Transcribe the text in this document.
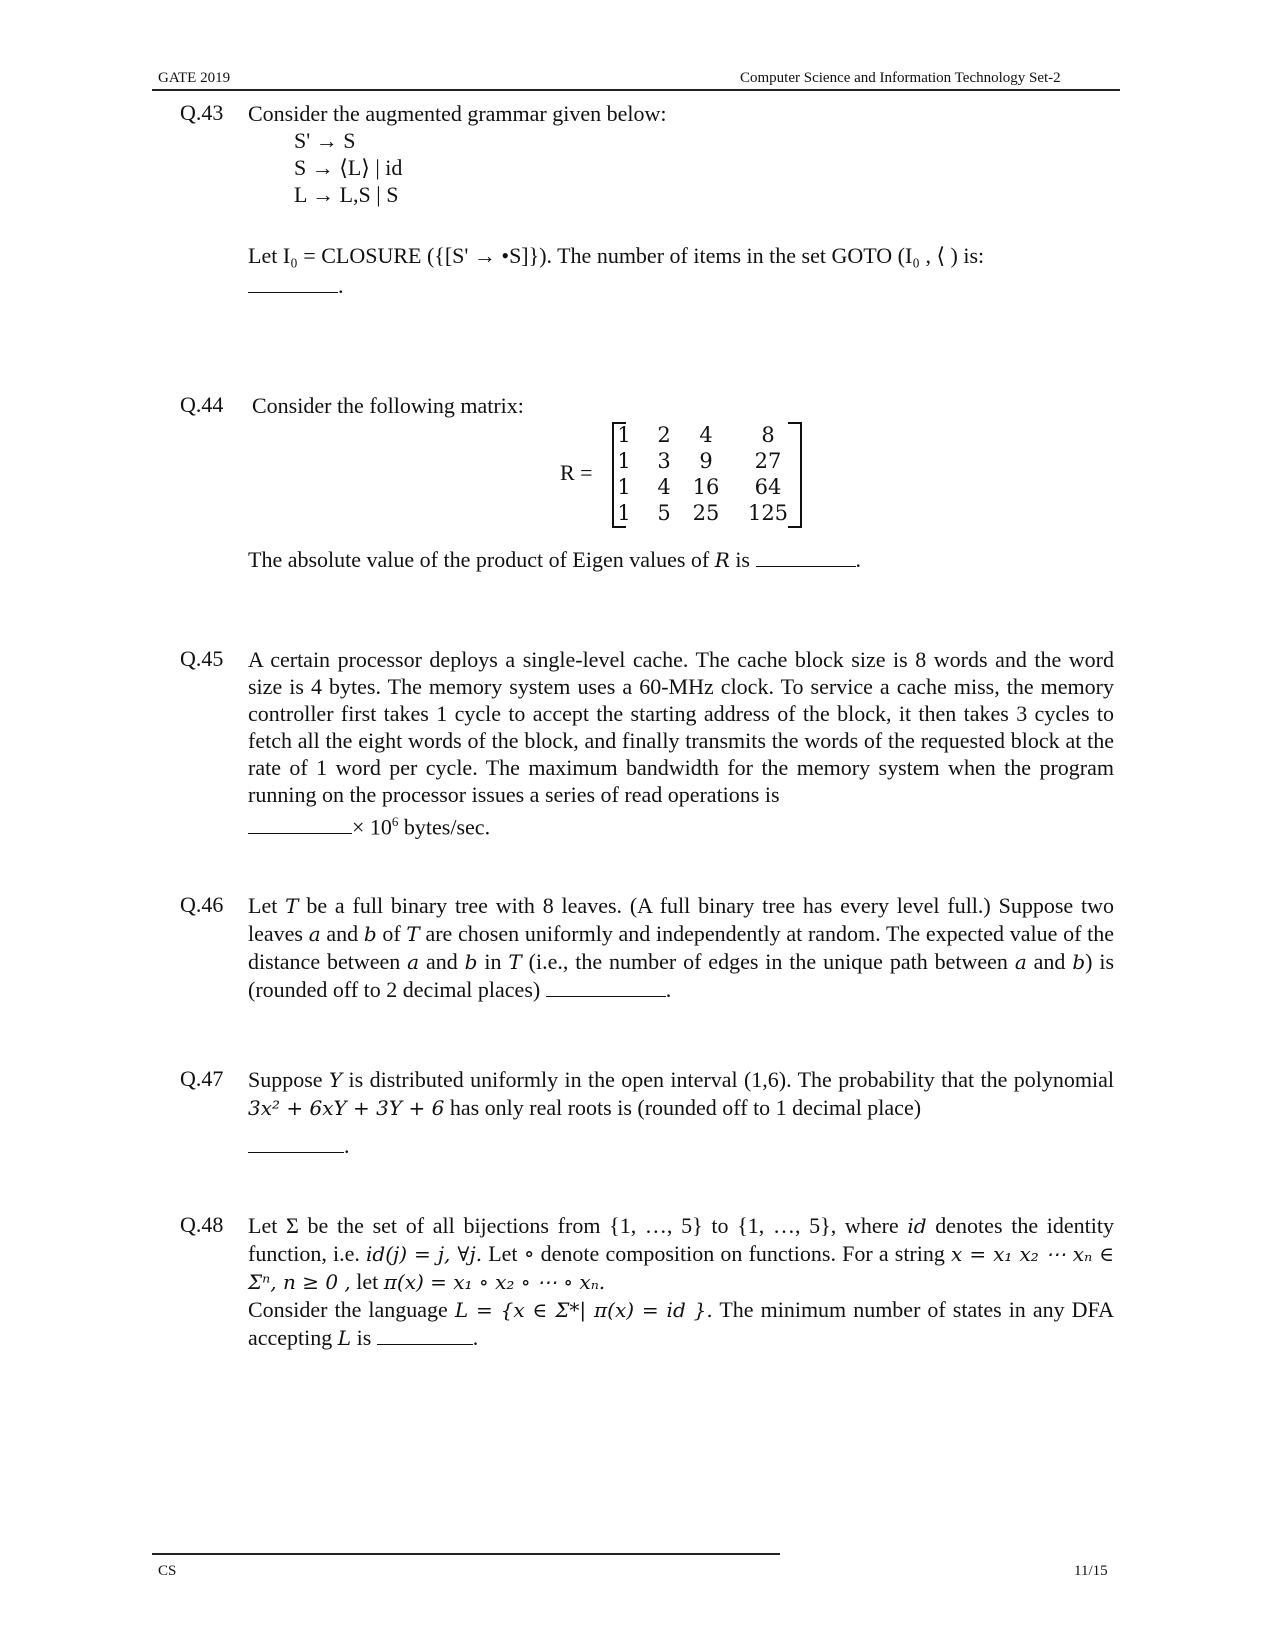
GATE 2019	Computer Science and Information Technology Set-2
Q.43 Consider the augmented grammar given below:
S' → S
S → ⟨L⟩ | id
L → L,S | S
Let I₀ = CLOSURE ({[S' → •S]}). The number of items in the set GOTO (I₀ , ⟨ ) is:
.
Q.44 Consider the following matrix:
R =
1	2	4	8
1	3	9	27
1	4	16	64
1	5	25	125
The absolute value of the product of Eigen values of R is	.
Q.45 A certain processor deploys a single-level cache. The cache block size is 8 words and the word size is 4 bytes. The memory system uses a 60-MHz clock. To service a cache miss, the memory controller first takes 1 cycle to accept the starting address of the block, it then takes 3 cycles to fetch all the eight words of the block, and finally transmits the words of the requested block at the rate of 1 word per cycle. The maximum bandwidth for the memory system when the program running on the processor issues a series of read operations is
× $10^6$ bytes/sec.
Q.46 Let T be a full binary tree with 8 leaves. (A full binary tree has every level full.) Suppose two leaves a and b of T are chosen uniformly and independently at random. The expected value of the distance between a and b in T (i.e., the number of edges in the unique path between a and b) is (rounded off to 2 decimal places)	.
Q.47 Suppose Y is distributed uniformly in the open interval (1,6). The probability that the polynomial 3x² + 6xY + 3Y + 6 has only real roots is (rounded off to 1 decimal place)
.
Q.48 Let Σ be the set of all bijections from {1, …, 5} to {1, …, 5}, where id denotes the identity function, i.e. id(j) = j, ∀j. Let ∘ denote composition on functions. For a string x = x₁ x₂ ⋯ xₙ ∈ Σⁿ, n ≥ 0 , let π(x) = x₁ ∘ x₂ ∘ ⋯ ∘ xₙ.
Consider the language L = {x ∈ Σ*| π(x) = id }. The minimum number of states in any DFA accepting L is	.
CS	11/15
